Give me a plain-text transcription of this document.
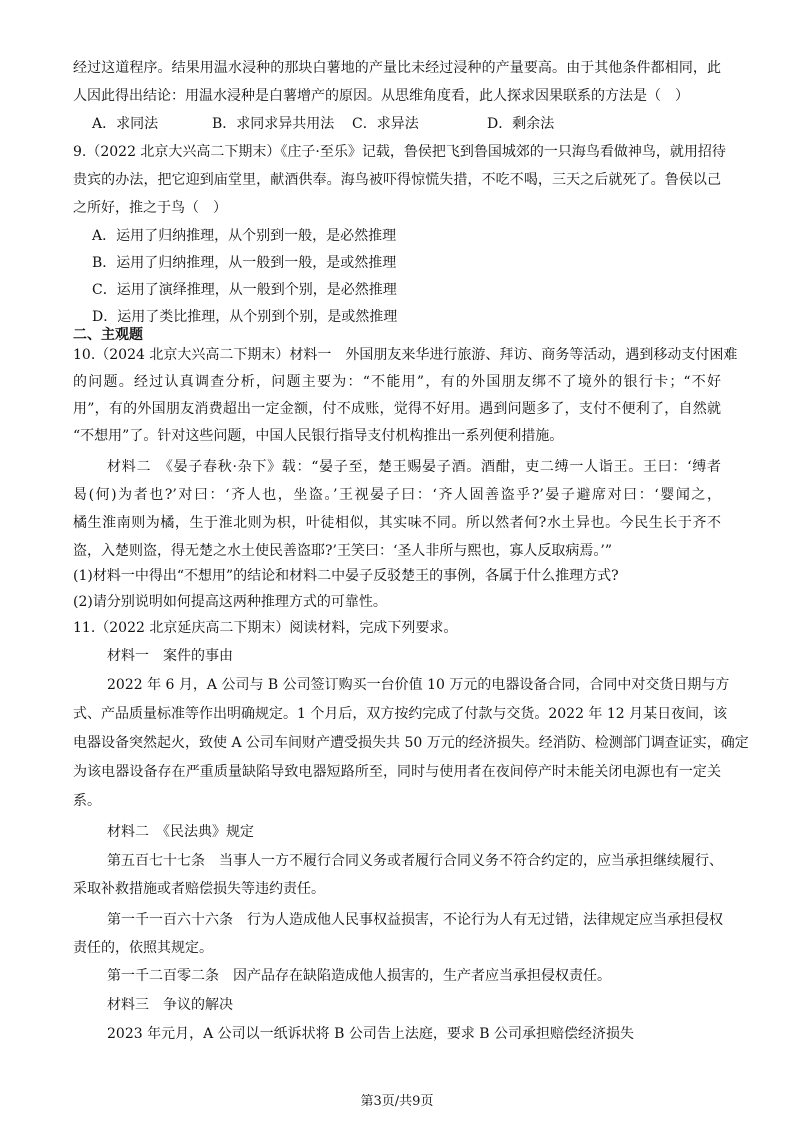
经过这道程序。结果用温水浸种的那块白薯地的产量比未经过浸种的产量要高。由于其他条件都相同，此
人因此得出结论：用温水浸种是白薯增产的原因。从思维角度看，此人探求因果联系的方法是（　）
A．求同法	B．求同求异共用法 C．求异法	D．剩余法
9.（2022 北京大兴高二下期末）《庄子·至乐》记载，鲁侯把飞到鲁国城郊的一只海鸟看做神鸟，就用招待
贵宾的办法，把它迎到庙堂里，献酒供奉。海鸟被吓得惊慌失措，不吃不喝，三天之后就死了。鲁侯以己
之所好，推之于鸟（　）
A．运用了归纳推理，从个别到一般，是必然推理
B．运用了归纳推理，从一般到一般，是或然推理
C．运用了演绎推理，从一般到个别，是必然推理
D．运用了类比推理，从个别到个别，是或然推理
二、主观题
10.（2024 北京大兴高二下期末）材料一　外国朋友来华进行旅游、拜访、商务等活动，遇到移动支付困难
的问题。经过认真调查分析，问题主要为：“不能用”，有的外国朋友绑不了境外的银行卡；“不好
用”，有的外国朋友消费超出一定金额，付不成账，觉得不好用。遇到问题多了，支付不便利了，自然就
“不想用”了。针对这些问题，中国人民银行指导支付机构推出一系列便利措施。
材料二　《晏子春秋·杂下》载：“晏子至，楚王赐晏子酒。酒酣，吏二缚一人诣王。王曰：‘缚者
曷(何)为者也?’对曰：‘齐人也，坐盗。’王视晏子曰：‘齐人固善盗乎?’晏子避席对曰：‘婴闻之，
橘生淮南则为橘，生于淮北则为枳，叶徒相似，其实味不同。所以然者何?水土异也。今民生长于齐不
盗，入楚则盗，得无楚之水土使民善盗耶?’王笑曰：‘圣人非所与熙也，寡人反取病焉。’”
(1)材料一中得出“不想用”的结论和材料二中晏子反驳楚王的事例，各属于什么推理方式?
(2)请分别说明如何提高这两种推理方式的可靠性。
11.（2022 北京延庆高二下期末）阅读材料，完成下列要求。
材料一　案件的事由
2022 年 6 月，A 公司与 B 公司签订购买一台价值 10 万元的电器设备合同，合同中对交货日期与方
式、产品质量标准等作出明确规定。1 个月后，双方按约完成了付款与交货。2022 年 12 月某日夜间，该
电器设备突然起火，致使 A 公司车间财产遭受损失共 50 万元的经济损失。经消防、检测部门调查证实，确定
为该电器设备存在严重质量缺陷导致电器短路所至，同时与使用者在夜间停产时未能关闭电源也有一定关
系。
材料二　《民法典》规定
第五百七十七条　当事人一方不履行合同义务或者履行合同义务不符合约定的，应当承担继续履行、
采取补救措施或者赔偿损失等违约责任。
第一千一百六十六条　行为人造成他人民事权益损害，不论行为人有无过错，法律规定应当承担侵权
责任的，依照其规定。
第一千二百零二条　因产品存在缺陷造成他人损害的，生产者应当承担侵权责任。
材料三　争议的解决
2023 年元月，A 公司以一纸诉状将 B 公司告上法庭，要求 B 公司承担赔偿经济损失
第3页/共9页
